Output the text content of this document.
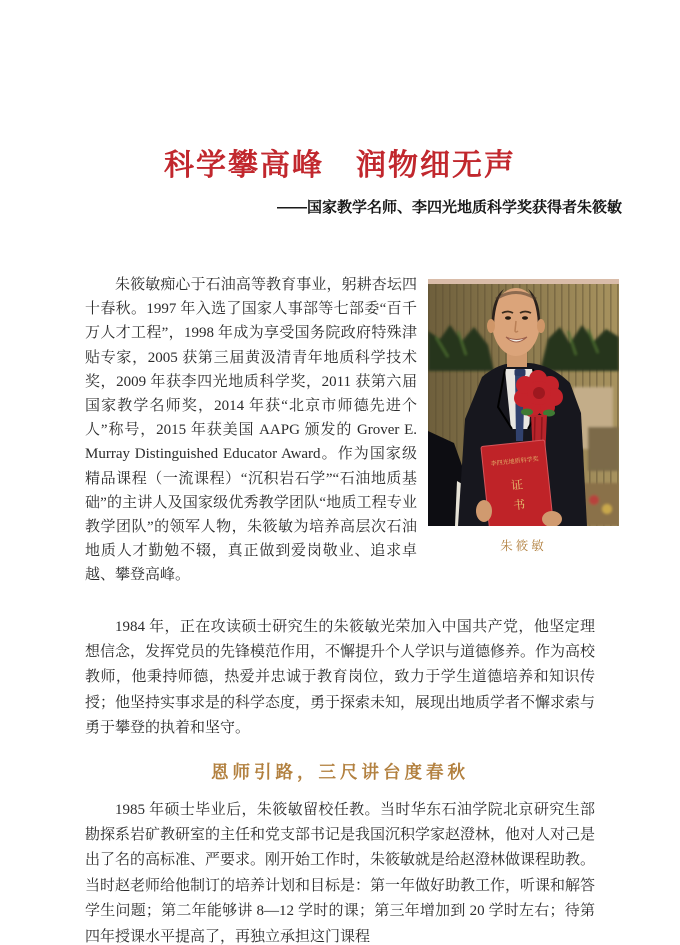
科学攀高峰　润物细无声
——国家教学名师、李四光地质科学奖获得者朱筱敏
李四光地质科学奖
证
书
朱筱敏

朱筱敏痴心于石油高等教育事业，躬耕杏坛四十春秋。1997 年入选了国家人事部等七部委“百千万人才工程”，1998 年成为享受国务院政府特殊津贴专家，2005 获第三届黄汲清青年地质科学技术奖，2009 年获李四光地质科学奖，2011 获第六届国家教学名师奖，2014 年获“北京市师德先进个人”称号，2015 年获美国 AAPG 颁发的 Grover E. Murray Distinguished Educator Award。作为国家级精品课程（一流课程）“沉积岩石学”“石油地质基础”的主讲人及国家级优秀教学团队“地质工程专业教学团队”的领军人物，朱筱敏为培养高层次石油地质人才勤勉不辍，真正做到爱岗敬业、追求卓越、攀登高峰。

1984 年，正在攻读硕士研究生的朱筱敏光荣加入中国共产党，他坚定理想信念，发挥党员的先锋模范作用，不懈提升个人学识与道德修养。作为高校教师，他秉持师德，热爱并忠诚于教育岗位，致力于学生道德培养和知识传授；他坚持实事求是的科学态度，勇于探索未知，展现出地质学者不懈求索与勇于攀登的执着和坚守。

恩师引路，三尺讲台度春秋

1985 年硕士毕业后，朱筱敏留校任教。当时华东石油学院北京研究生部勘探系岩矿教研室的主任和党支部书记是我国沉积学家赵澄林，他对人对己是出了名的高标准、严要求。刚开始工作时，朱筱敏就是给赵澄林做课程助教。当时赵老师给他制订的培养计划和目标是：第一年做好助教工作，听课和解答学生问题；第二年能够讲 8—12 学时的课；第三年增加到 20 学时左右；待第四年授课水平提高了，再独立承担这门课程
